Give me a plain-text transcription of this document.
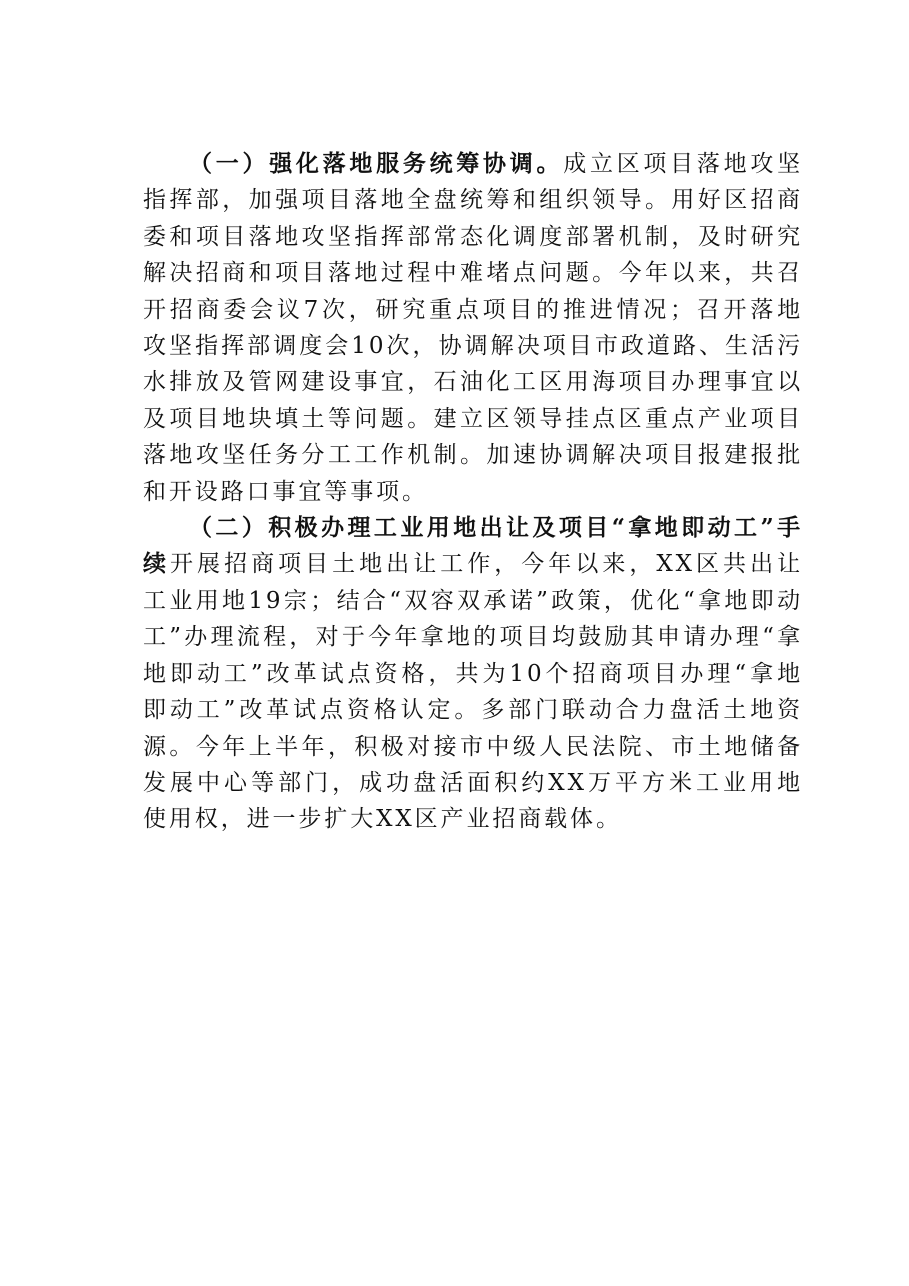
（一）强化落地服务统筹协调。成立区项目落地攻坚指挥部，加强项目落地全盘统筹和组织领导。用好区招商委和项目落地攻坚指挥部常态化调度部署机制，及时研究解决招商和项目落地过程中难堵点问题。今年以来，共召开招商委会议7次，研究重点项目的推进情况；召开落地攻坚指挥部调度会10次，协调解决项目市政道路、生活污水排放及管网建设事宜，石油化工区用海项目办理事宜以及项目地块填土等问题。建立区领导挂点区重点产业项目落地攻坚任务分工工作机制。加速协调解决项目报建报批和开设路口事宜等事项。

（二）积极办理工业用地出让及项目“拿地即动工”手续开展招商项目土地出让工作，今年以来，XX区共出让工业用地19宗；结合“双容双承诺”政策，优化“拿地即动工”办理流程，对于今年拿地的项目均鼓励其申请办理“拿地即动工”改革试点资格，共为10个招商项目办理“拿地即动工”改革试点资格认定。多部门联动合力盘活土地资源。今年上半年，积极对接市中级人民法院、市土地储备发展中心等部门，成功盘活面积约XX万平方米工业用地使用权，进一步扩大XX区产业招商载体。
